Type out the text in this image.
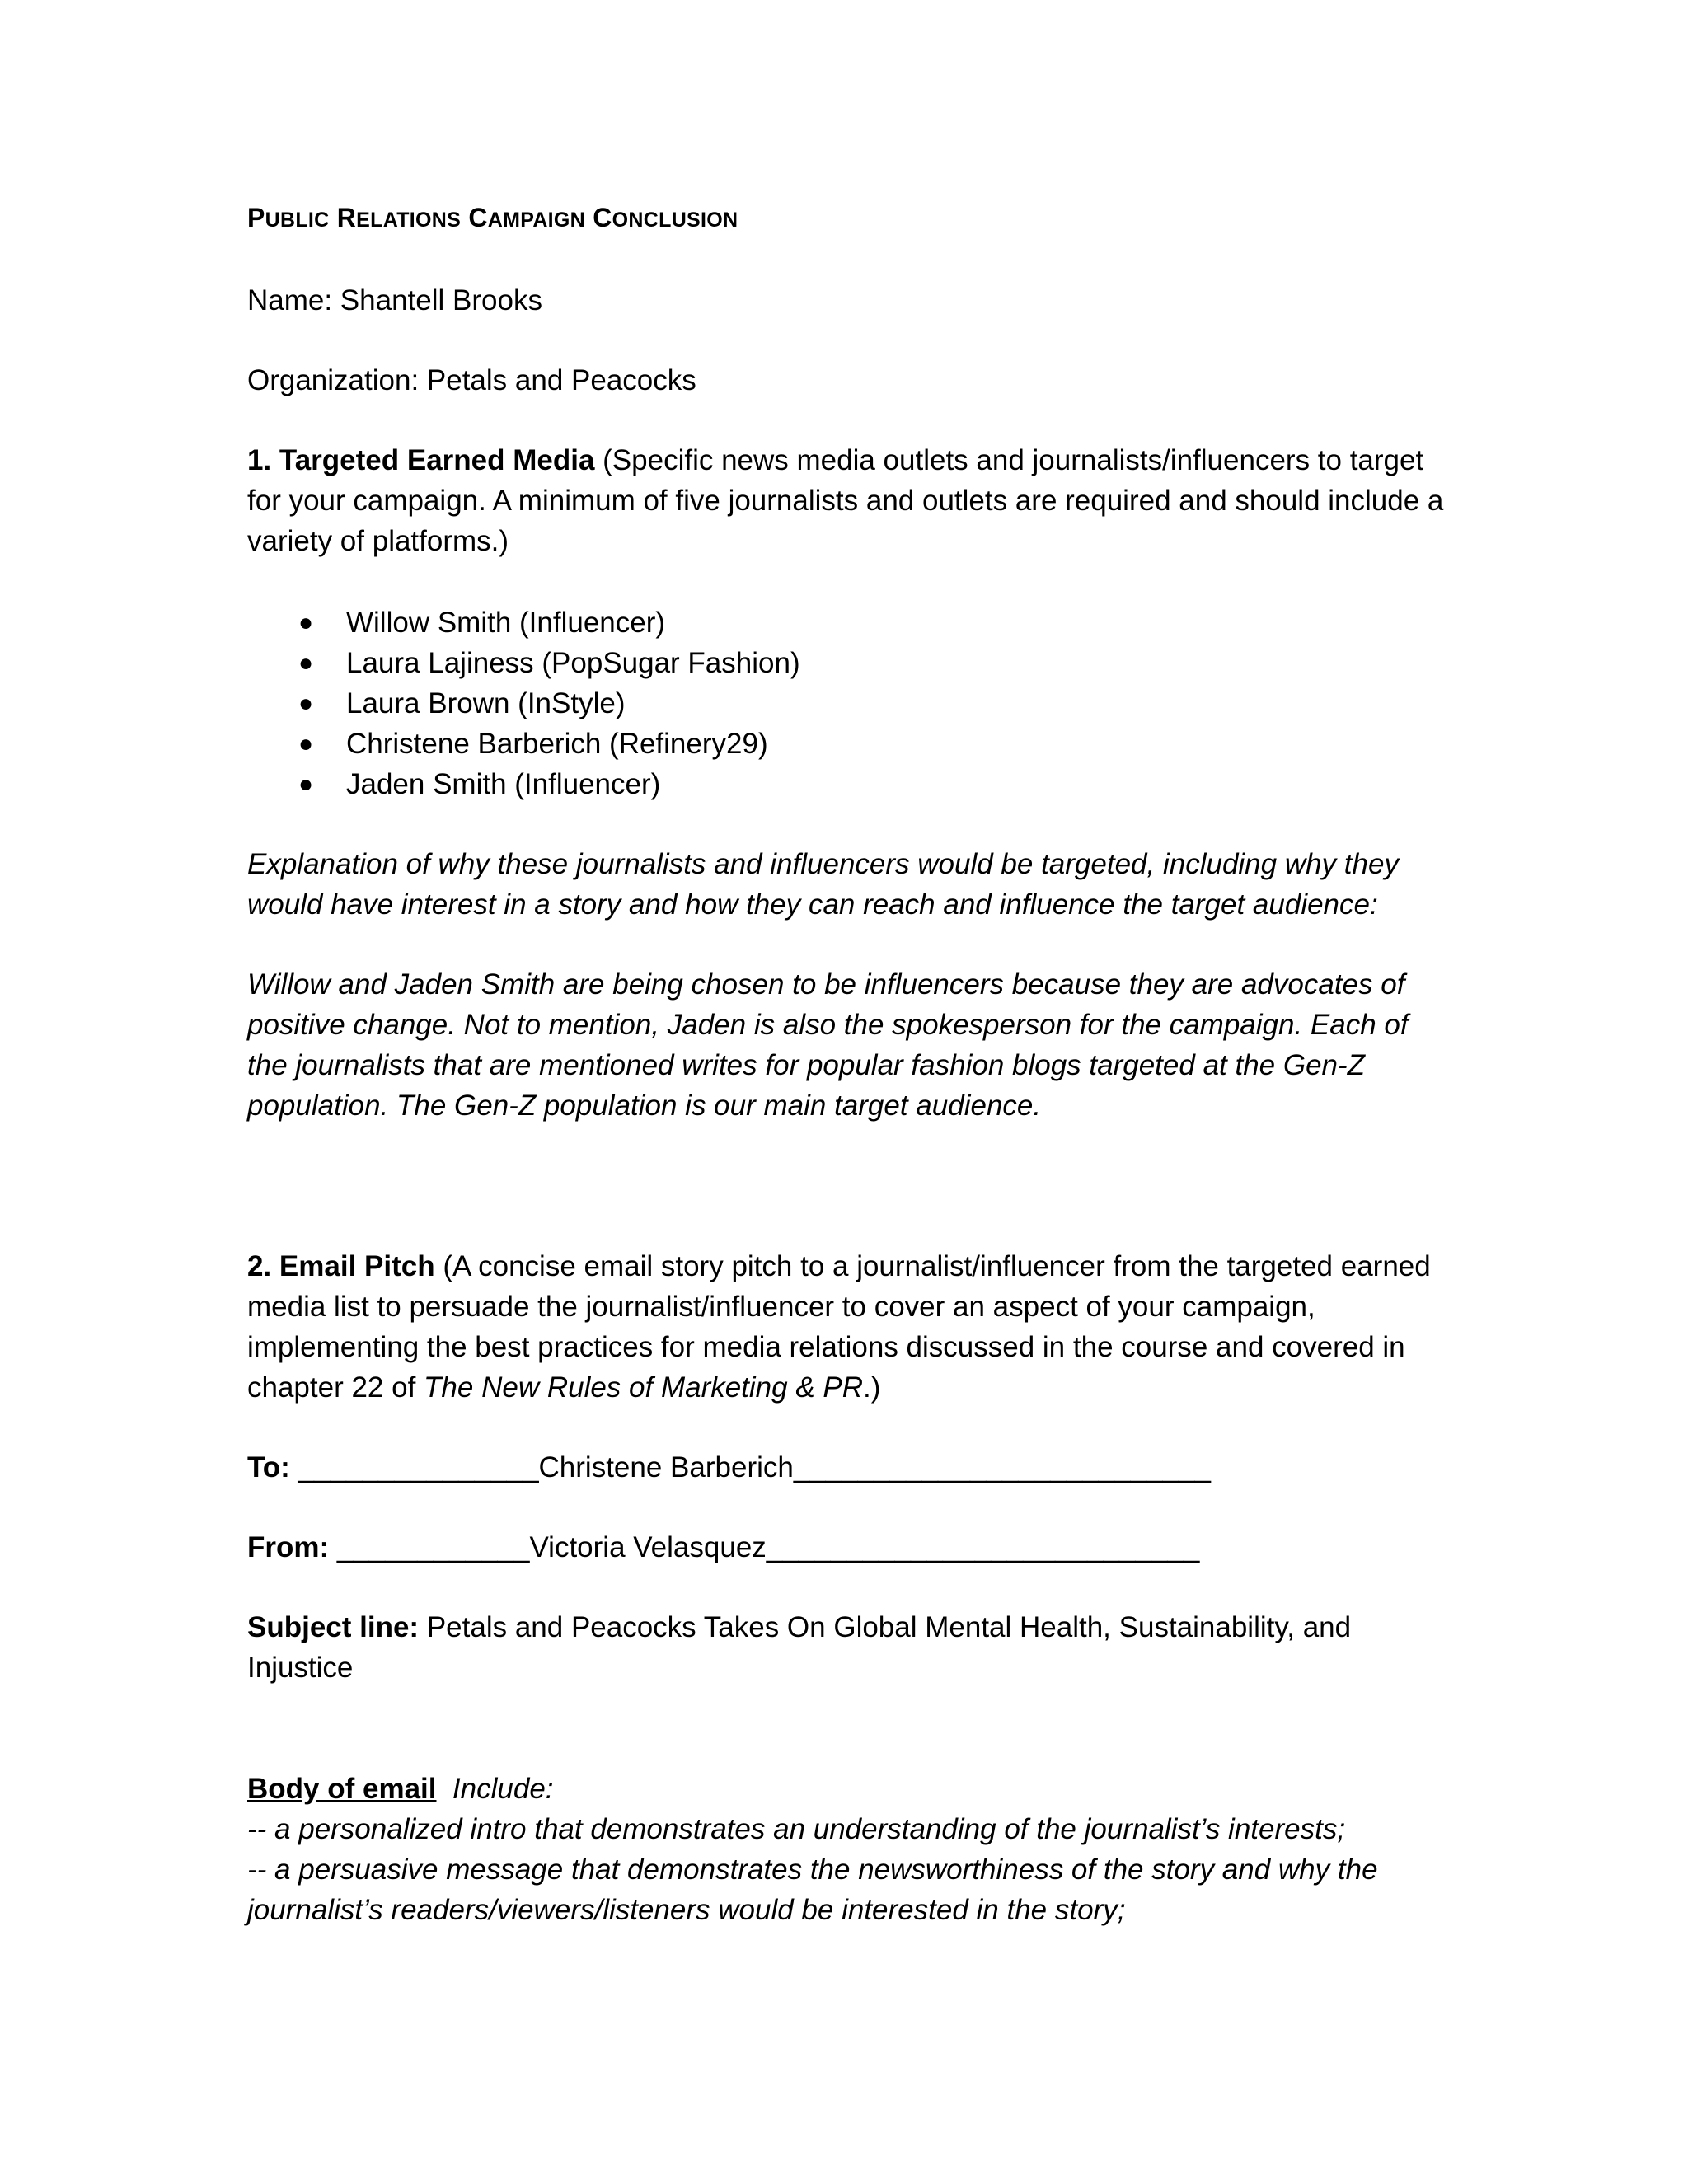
PUBLIC RELATIONS CAMPAIGN CONCLUSION

Name: Shantell Brooks

Organization: Petals and Peacocks

1. Targeted Earned Media (Specific news media outlets and journalists/influencers to target for your campaign. A minimum of five journalists and outlets are required and should include a variety of platforms.)

● Willow Smith (Influencer)
● Laura Lajiness (PopSugar Fashion)
● Laura Brown (InStyle)
● Christene Barberich (Refinery29)
● Jaden Smith (Influencer)

Explanation of why these journalists and influencers would be targeted, including why they would have interest in a story and how they can reach and influence the target audience:

Willow and Jaden Smith are being chosen to be influencers because they are advocates of positive change. Not to mention, Jaden is also the spokesperson for the campaign. Each of the journalists that are mentioned writes for popular fashion blogs targeted at the Gen-Z population. The Gen-Z population is our main target audience.

2. Email Pitch (A concise email story pitch to a journalist/influencer from the targeted earned media list to persuade the journalist/influencer to cover an aspect of your campaign, implementing the best practices for media relations discussed in the course and covered in chapter 22 of The New Rules of Marketing & PR.)

To: _______________Christene Barberich__________________________

From: ____________Victoria Velasquez___________________________

Subject line: Petals and Peacocks Takes On Global Mental Health, Sustainability, and Injustice

Body of email  Include:

-- a personalized intro that demonstrates an understanding of the journalist’s interests;

-- a persuasive message that demonstrates the newsworthiness of the story and why the journalist’s readers/viewers/listeners would be interested in the story;
